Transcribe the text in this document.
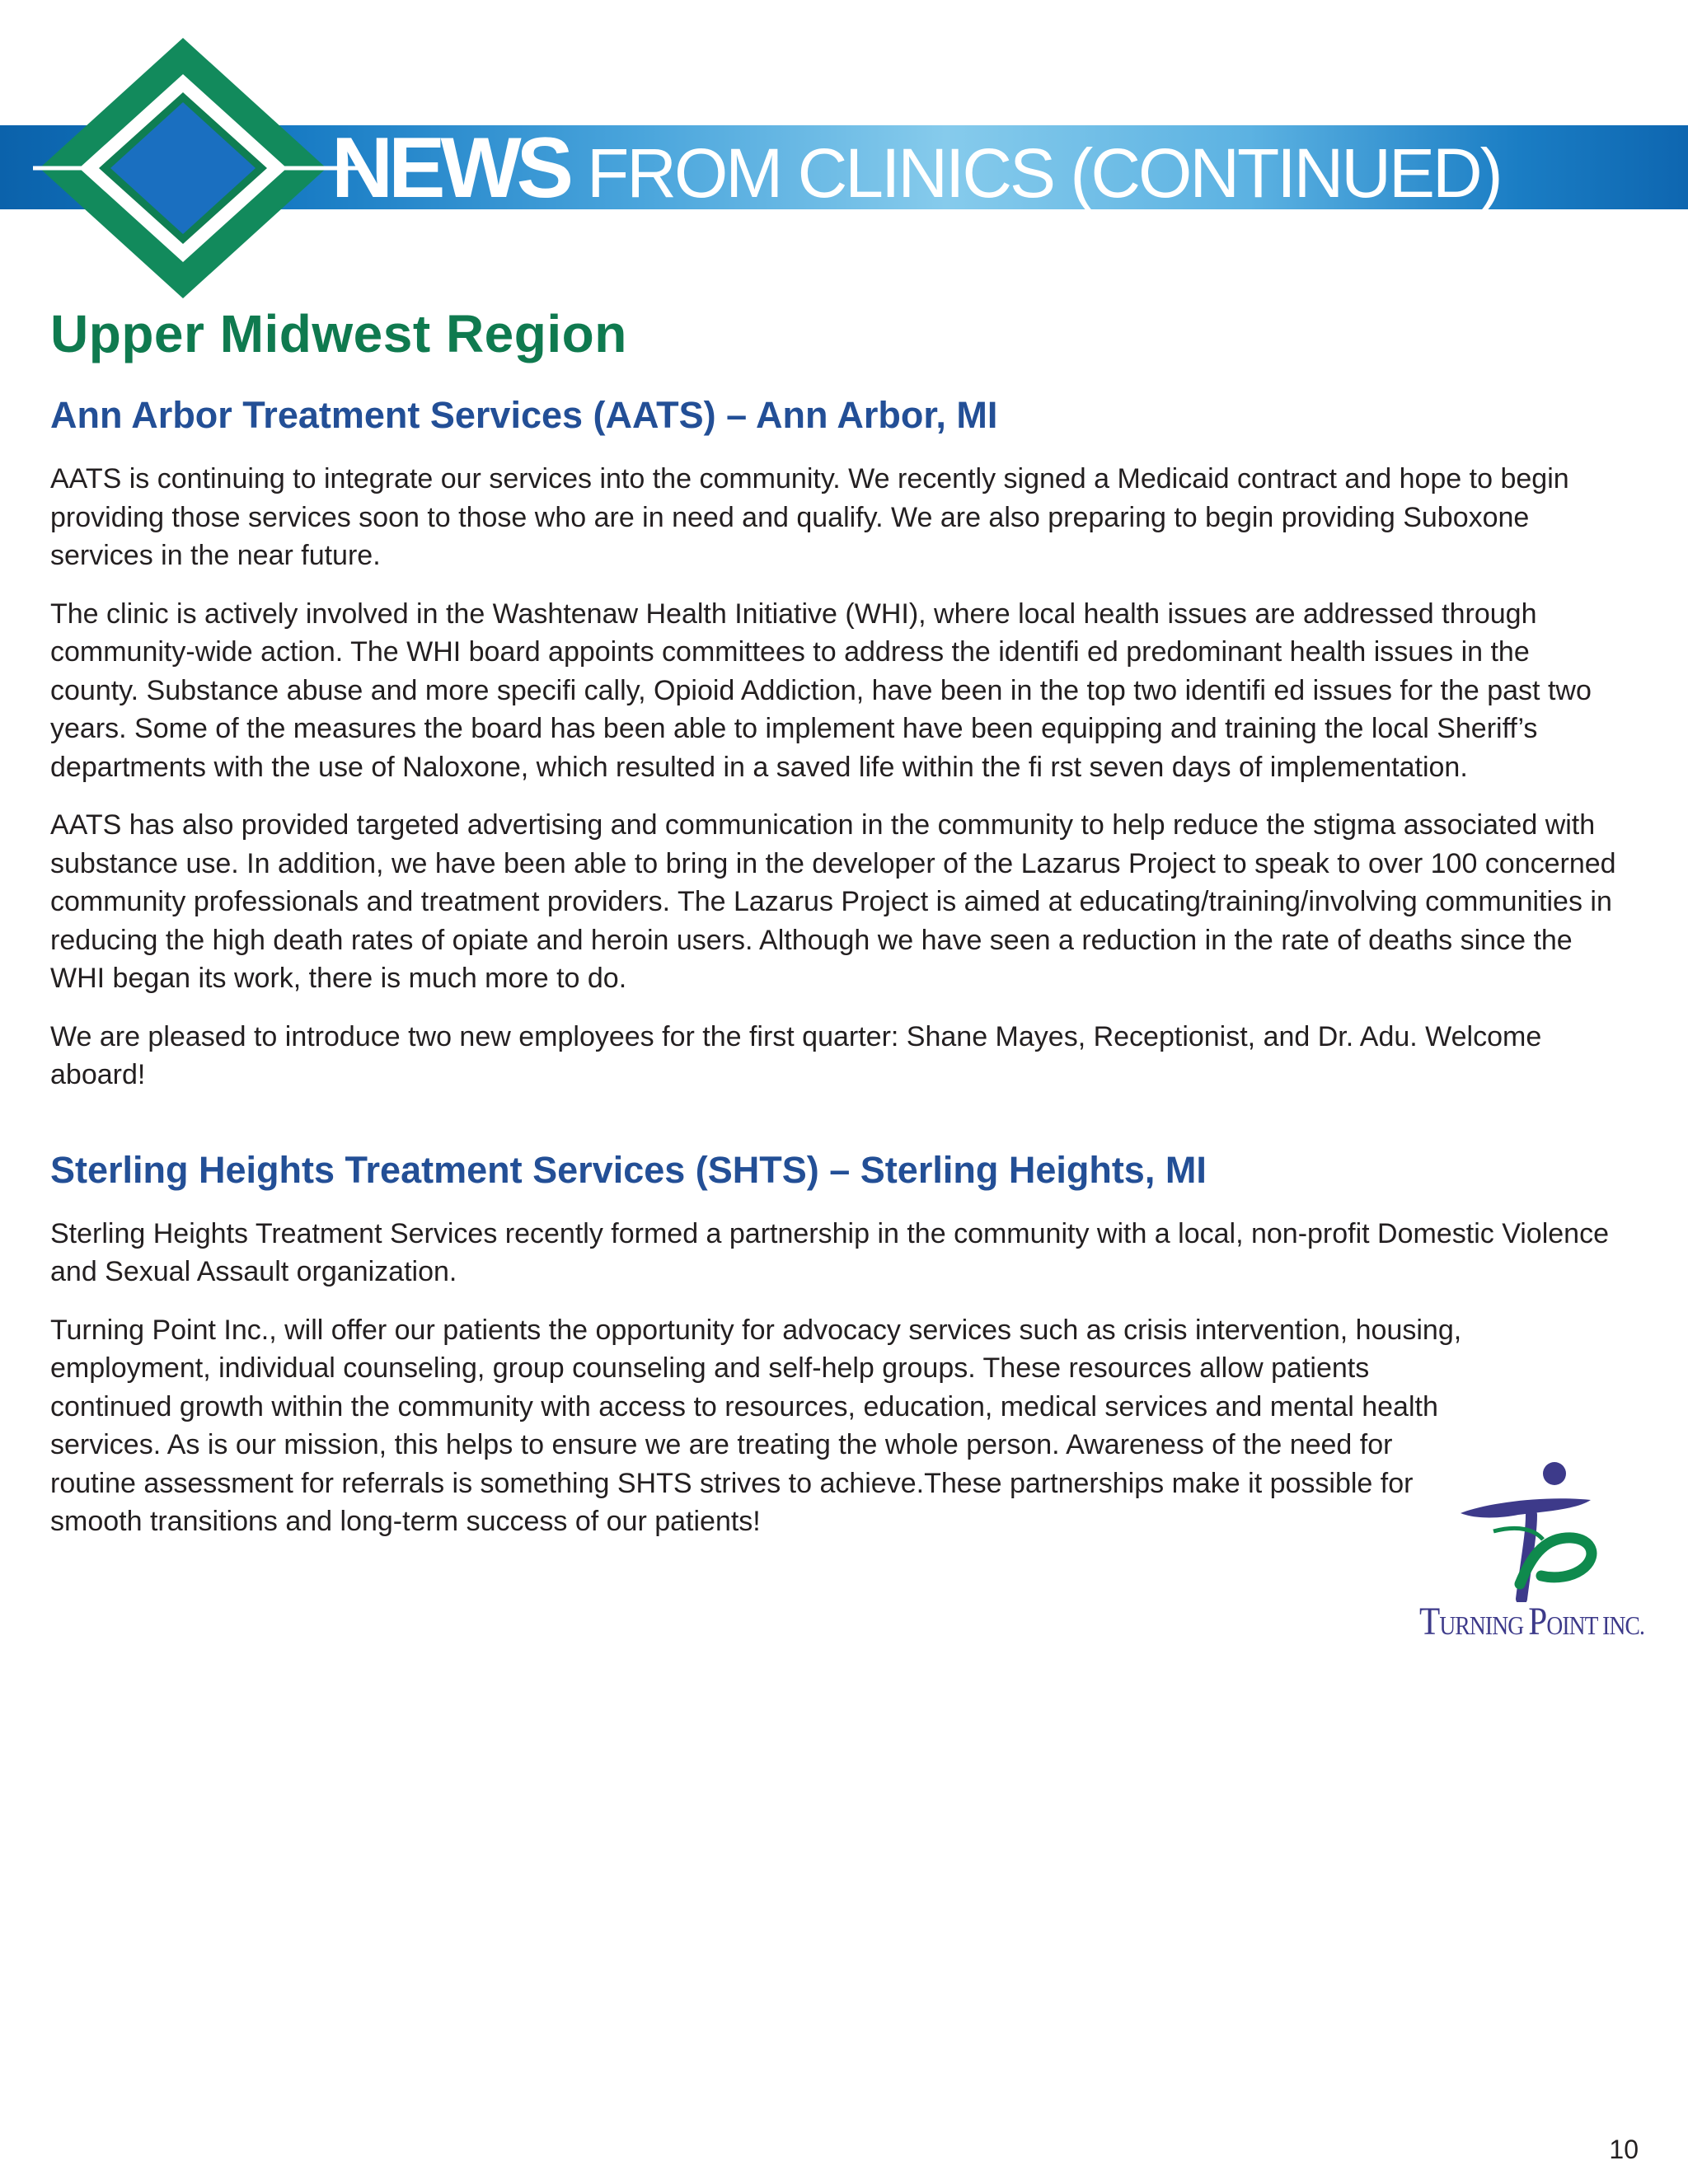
NEWS FROM CLINICS (CONTINUED)
Upper Midwest Region
Ann Arbor Treatment Services (AATS) – Ann Arbor, MI

AATS is continuing to integrate our services into the community. We recently signed a Medicaid contract and hope to begin providing those services soon to those who are in need and qualify. We are also preparing to begin providing Suboxone services in the near future.

The clinic is actively involved in the Washtenaw Health Initiative (WHI), where local health issues are addressed through community-wide action. The WHI board appoints committees to address the identifi ed predominant health issues in the county. Substance abuse and more specifi cally, Opioid Addiction, have been in the top two identifi ed issues for the past two years. Some of the measures the board has been able to implement have been equipping and training the local Sheriff’s departments with the use of Naloxone, which resulted in a saved life within the fi rst seven days of implementation.

AATS has also provided targeted advertising and communication in the community to help reduce the stigma associated with substance use. In addition, we have been able to bring in the developer of the Lazarus Project to speak to over 100 concerned community professionals and treatment providers. The Lazarus Project is aimed at educating/training/involving communities in reducing the high death rates of opiate and heroin users. Although we have seen a reduction in the rate of deaths since the WHI began its work, there is much more to do.

We are pleased to introduce two new employees for the first quarter: Shane Mayes, Receptionist, and Dr. Adu. Welcome aboard!

Sterling Heights Treatment Services (SHTS) – Sterling Heights, MI

Sterling Heights Treatment Services recently formed a partnership in the community with a local, non-profit Domestic Violence and Sexual Assault organization.

Turning Point Inc., will offer our patients the opportunity for advocacy services such as crisis intervention, housing, employment, individual counseling, group counseling and self-help groups. These resources allow patients continued growth within the community with access to resources, education, medical services and mental health services. As is our mission, this helps to ensure we are treating the whole person. Awareness of the need for routine assessment for referrals is something SHTS strives to achieve.These partnerships make it possible for smooth transitions and long-term success of our patients!

TURNING POINT INC.
10
